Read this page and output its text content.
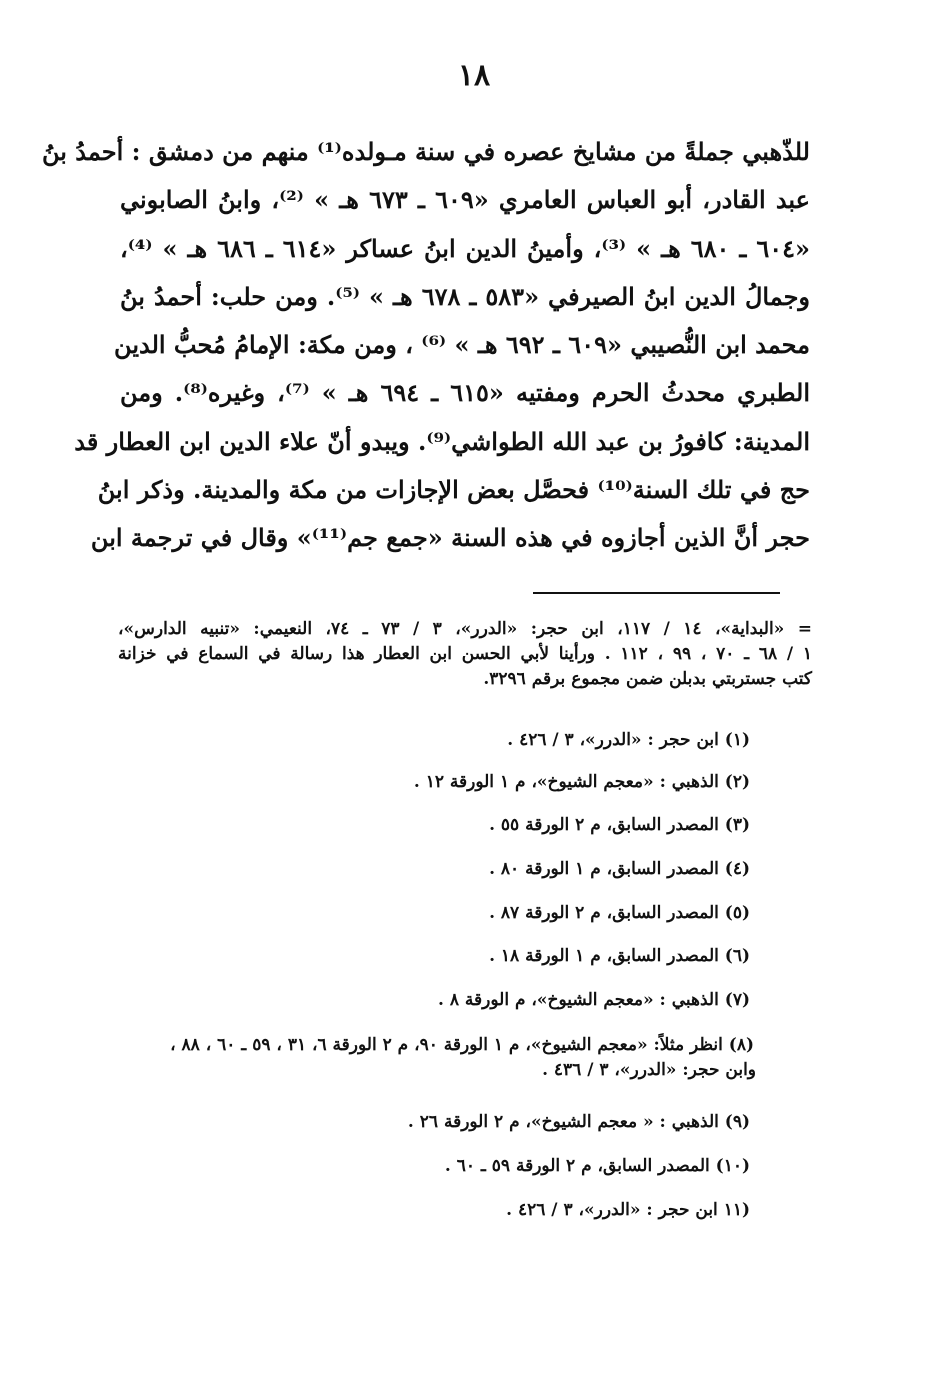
١٨
للذّهبي جملةً من مشايخ عصره في سنة مـولده⁽¹⁾ منهم من دمشق : أحمدُ بنُ
عبد القادر، أبو العباس العامري «٦٠٩ ـ ٦٧٣ هـ » ⁽²⁾، وابنُ الصابوني
«٦٠٤ ـ ٦٨٠ هـ » ⁽³⁾، وأمينُ الدين ابنُ عساكر «٦١٤ ـ ٦٨٦ هـ » ⁽⁴⁾،
وجمالُ الدين ابنُ الصيرفي «٥٨٣ ـ ٦٧٨ هـ » ⁽⁵⁾. ومن حلب: أحمدُ بنُ
محمد ابن النُّصيبي «٦٠٩ ـ ٦٩٢ هـ » ⁽⁶⁾ ، ومن مكة: الإمامُ مُحبُّ الدين
الطبري محدثُ الحرم ومفتيه «٦١٥ ـ ٦٩٤ هـ » ⁽⁷⁾، وغيره⁽⁸⁾. ومن
المدينة: كافورُ بن عبد الله الطواشي⁽⁹⁾. ويبدو أنّ علاء الدين ابن العطار قد
حج في تلك السنة⁽¹⁰⁾ فحصَّل بعض الإجازات من مكة والمدينة. وذكر ابنُ
حجر أنَّ الذين أجازوه في هذه السنة «جمع جم⁽¹¹⁾» وقال في ترجمة ابن
= «البداية»، ١٤ / ١١٧، ابن حجر: «الدرر»، ٣ / ٧٣ ـ ٧٤، النعيمي: «تنبيه الدارس»،
١ / ٦٨ ـ ٧٠ ، ٩٩ ، ١١٢ . ورأينا لأبي الحسن ابن العطار هذا رسالة في السماع في خزانة
كتب جستربتي بدبلن ضمن مجموع برقم ٣٢٩٦.
(١) ابن حجر : «الدرر»، ٣ / ٤٢٦ .
(٢) الذهبي : «معجم الشيوخ»، م ١ الورقة ١٢ .
(٣) المصدر السابق، م ٢ الورقة ٥٥ .
(٤) المصدر السابق، م ١ الورقة ٨٠ .
(٥) المصدر السابق، م ٢ الورقة ٨٧ .
(٦) المصدر السابق، م ١ الورقة ١٨ .
(٧) الذهبي : «معجم الشيوخ»، م الورقة ٨ .
(٨) انظر مثلاً: «معجم الشيوخ»، م ١ الورقة ٩٠، م ٢ الورقة ٦، ٣١ ، ٥٩ ـ ٦٠ ، ٨٨ ،
وابن حجر: «الدرر»، ٣ / ٤٣٦ .
(٩) الذهبي : « معجم الشيوخ»، م ٢ الورقة ٢٦ .
(١٠) المصدر السابق، م ٢ الورقة ٥٩ ـ ٦٠ .
(١١ ابن حجر : «الدرر»، ٣ / ٤٢٦ .
